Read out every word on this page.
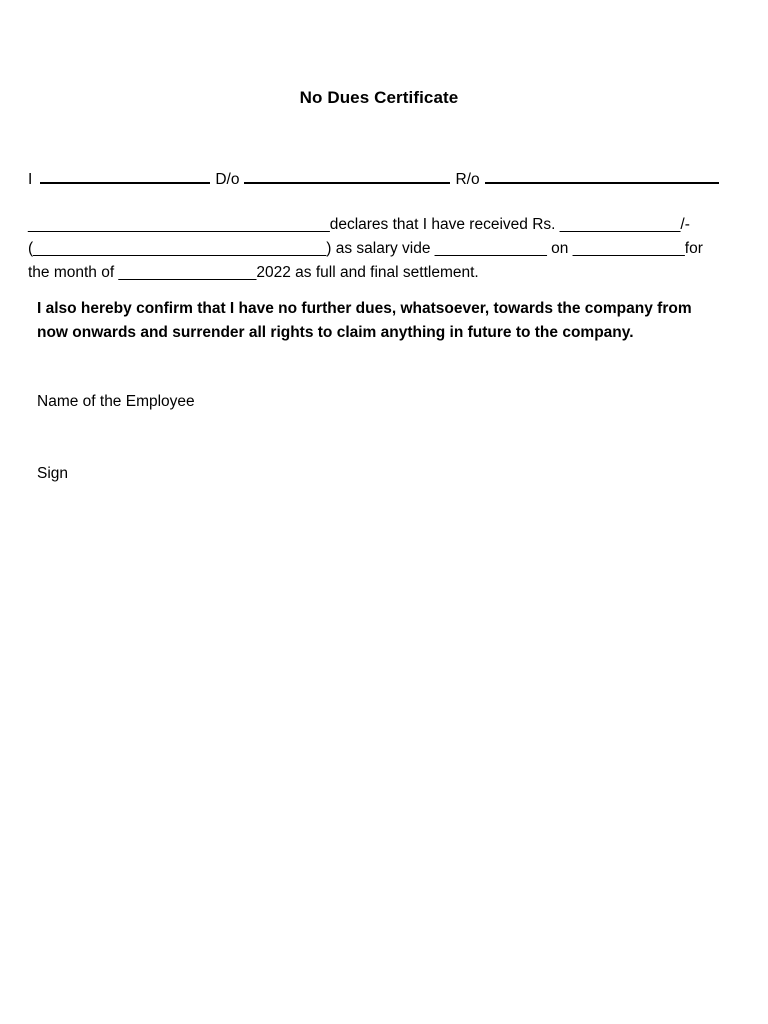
No Dues Certificate
I	D/o	R/o
___________________________________declares that I have received Rs. ______________/-
(__________________________________) as salary vide _____________ on _____________for
the month of ________________2022 as full and final settlement.
I also hereby confirm that I have no further dues, whatsoever, towards the company from
now onwards and surrender all rights to claim anything in future to the company.
Name of the Employee
Sign
